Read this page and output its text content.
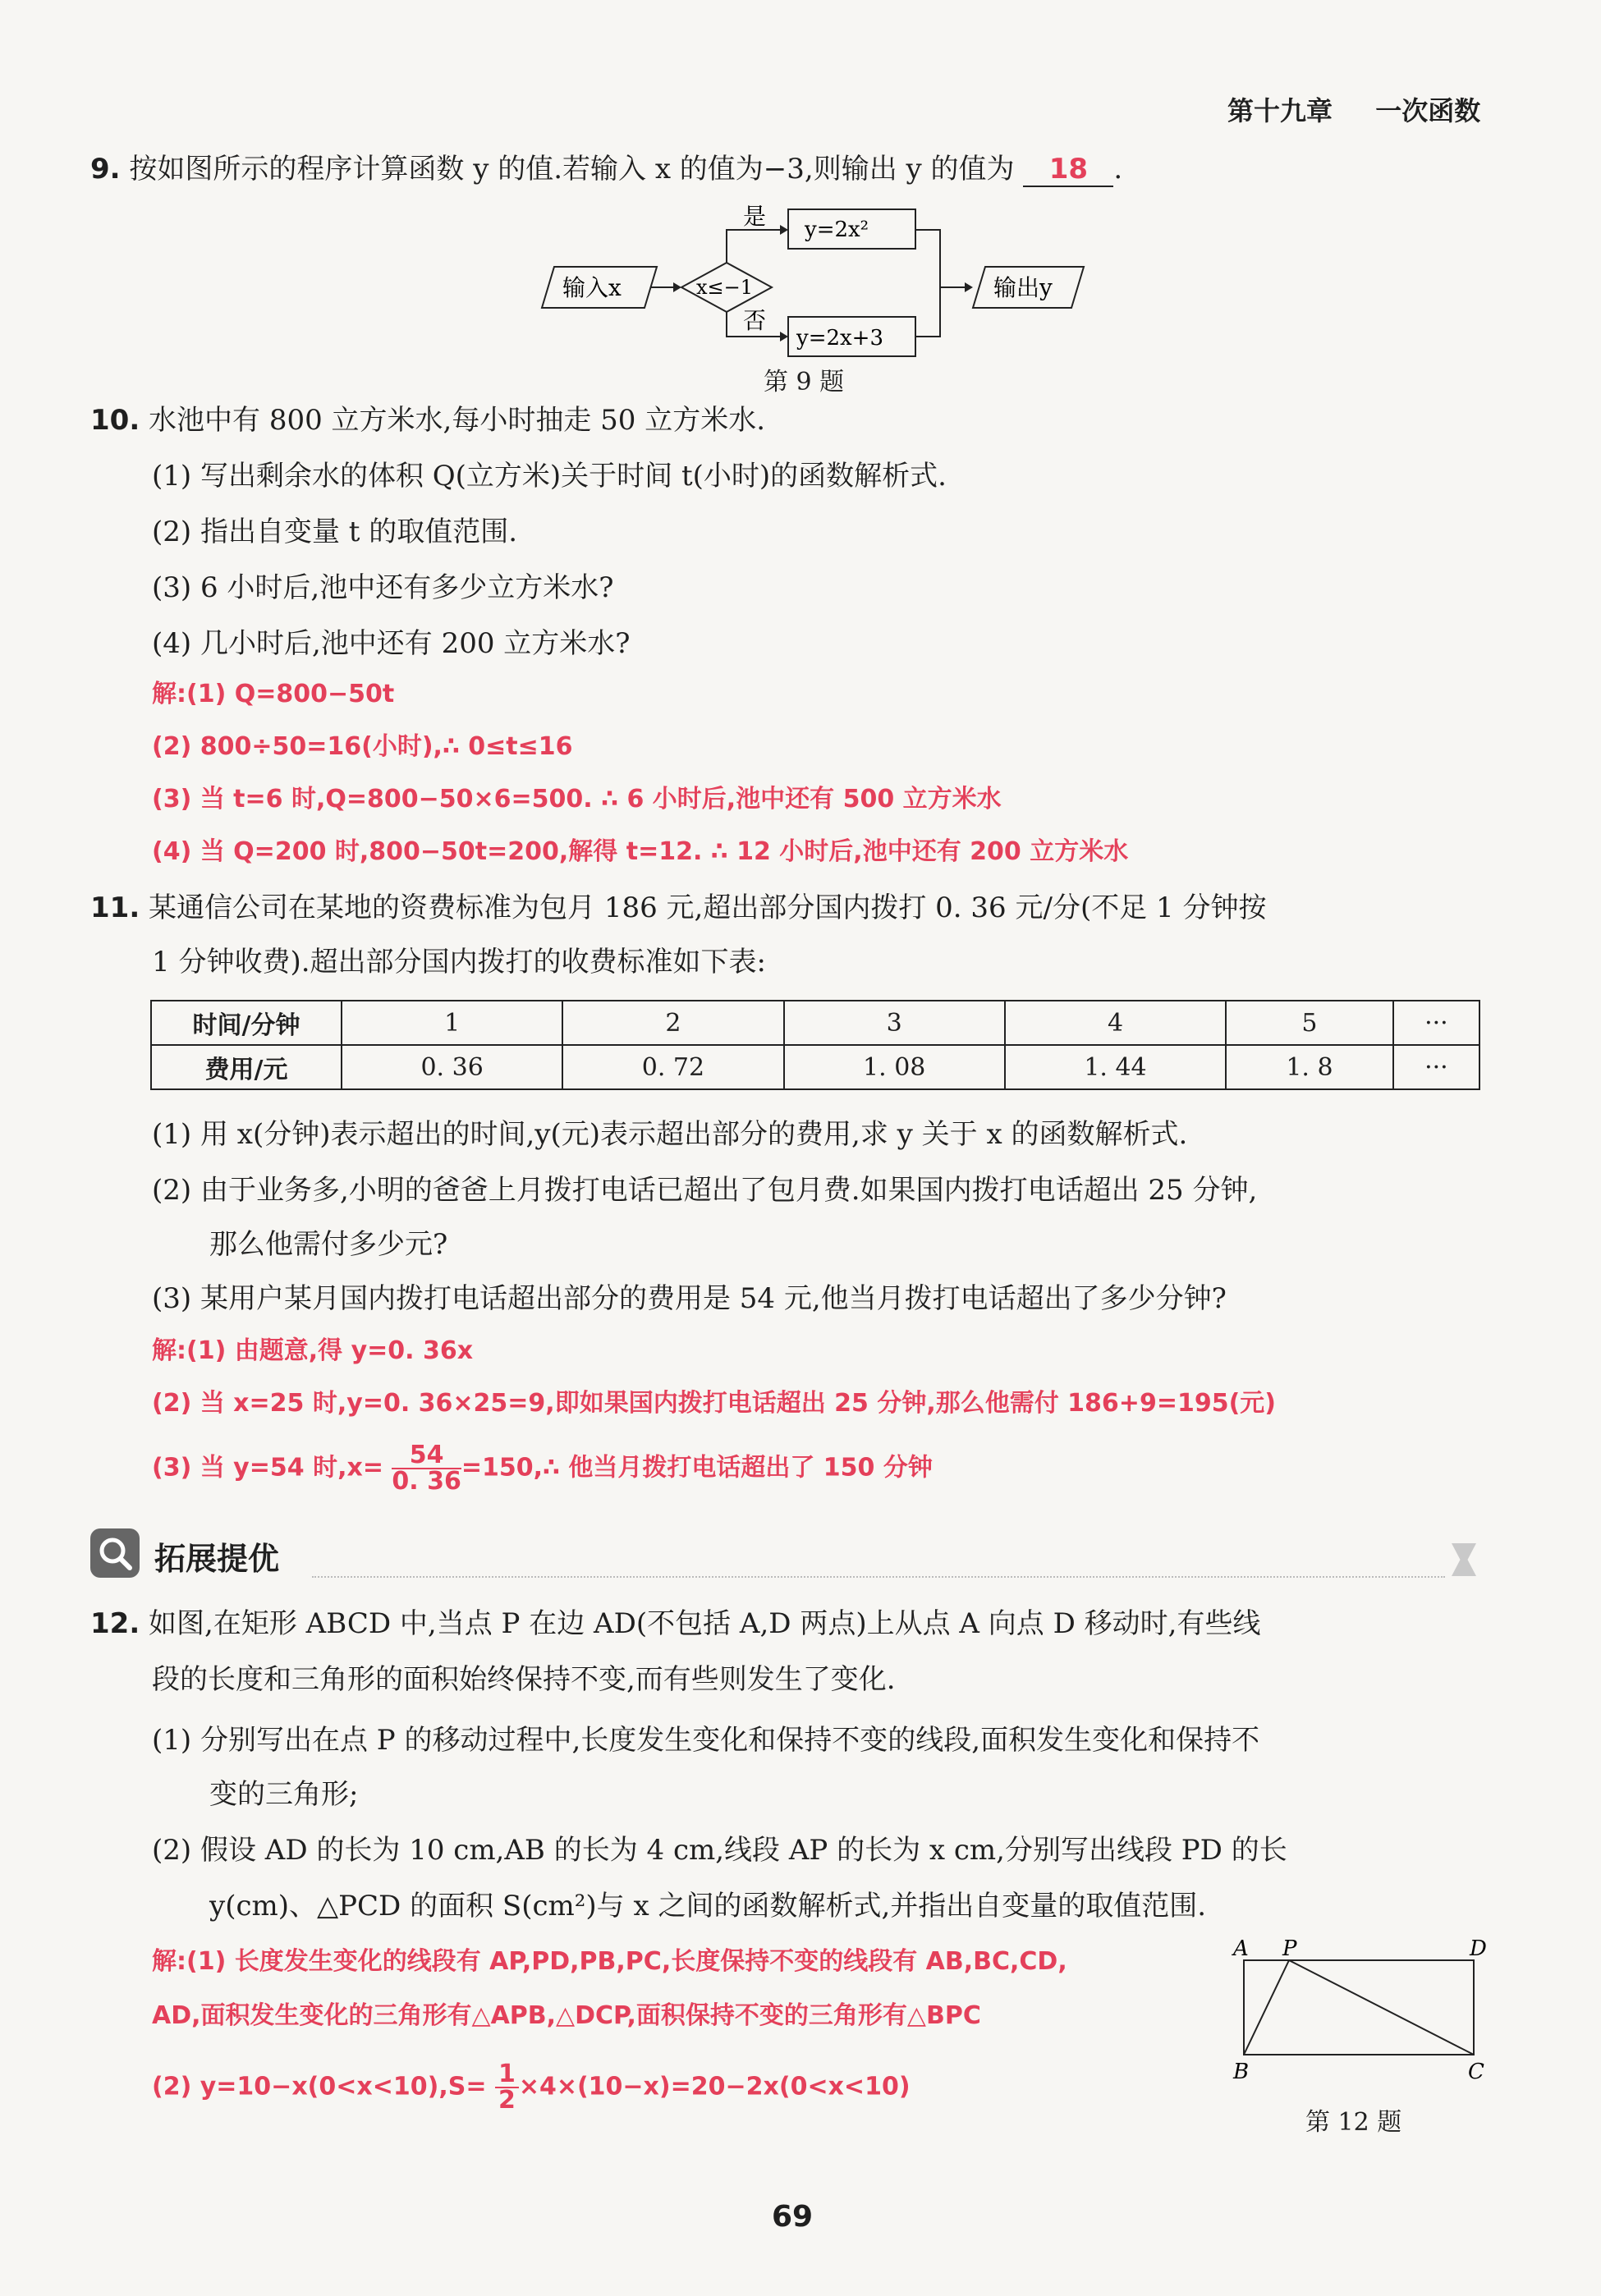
第十九章 一次函数
9. 按如图所示的程序计算函数 y 的值.若输入 x 的值为−3,则输出 y 的值为 18 .
输入x	x≤−1
是 y=2x²
否
y=2x+3
输出y
第 9 题
10. 水池中有 800 立方米水,每小时抽走 50 立方米水.
(1) 写出剩余水的体积 Q(立方米)关于时间 t(小时)的函数解析式.
(2) 指出自变量 t 的取值范围.
(3) 6 小时后,池中还有多少立方米水?
(4) 几小时后,池中还有 200 立方米水?
解:(1) Q=800−50t
(2) 800÷50=16(小时),∴ 0≤t≤16
(3) 当 t=6 时,Q=800−50×6=500. ∴ 6 小时后,池中还有 500 立方米水
(4) 当 Q=200 时,800−50t=200,解得 t=12. ∴ 12 小时后,池中还有 200 立方米水
11. 某通信公司在某地的资费标准为包月 186 元,超出部分国内拨打 0. 36 元/分(不足 1 分钟按
1 分钟收费).超出部分国内拨打的收费标准如下表:
时间/分钟	1	2	3	4	5	···
费用/元	0. 36	0. 72	1. 08	1. 44	1. 8	···
(1) 用 x(分钟)表示超出的时间,y(元)表示超出部分的费用,求 y 关于 x 的函数解析式.
(2) 由于业务多,小明的爸爸上月拨打电话已超出了包月费.如果国内拨打电话超出 25 分钟,
那么他需付多少元?
(3) 某用户某月国内拨打电话超出部分的费用是 54 元,他当月拨打电话超出了多少分钟?
解:(1) 由题意,得 y=0. 36x
(2) 当 x=25 时,y=0. 36×25=9,即如果国内拨打电话超出 25 分钟,那么他需付 186+9=195(元)
(3) 当 y=54 时$,x= \frac{54}{0. 36}$ =150,∴ 他当月拨打电话超出了 150 分钟
拓展提优
12. 如图,在矩形 ABCD 中,当点 P 在边 AD(不包括 A,D 两点)上从点 A 向点 D 移动时,有些线
段的长度和三角形的面积始终保持不变,而有些则发生了变化.
(1) 分别写出在点 P 的移动过程中,长度发生变化和保持不变的线段,面积发生变化和保持不
变的三角形;
(2) 假设 AD 的长为 10 cm,AB 的长为 4 cm,线段 AP 的长为 x cm,分别写出线段 PD 的长
y(cm)、△PCD 的面积 S(cm²)与 x 之间的函数解析式,并指出自变量的取值范围.
解:(1) 长度发生变化的线段有 AP,PD,PB,PC,长度保持不变的线段有 AB,BC,CD,
AD,面积发生变化的三角形有△APB,△DCP,面积保持不变的三角形有△BPC
(2) $y=10-x(0<x<10),S= \frac{1}{2} \times 4\times(10-x)=20-2x(0<x<10)$
A P	D
B	C
第 12 题
69
